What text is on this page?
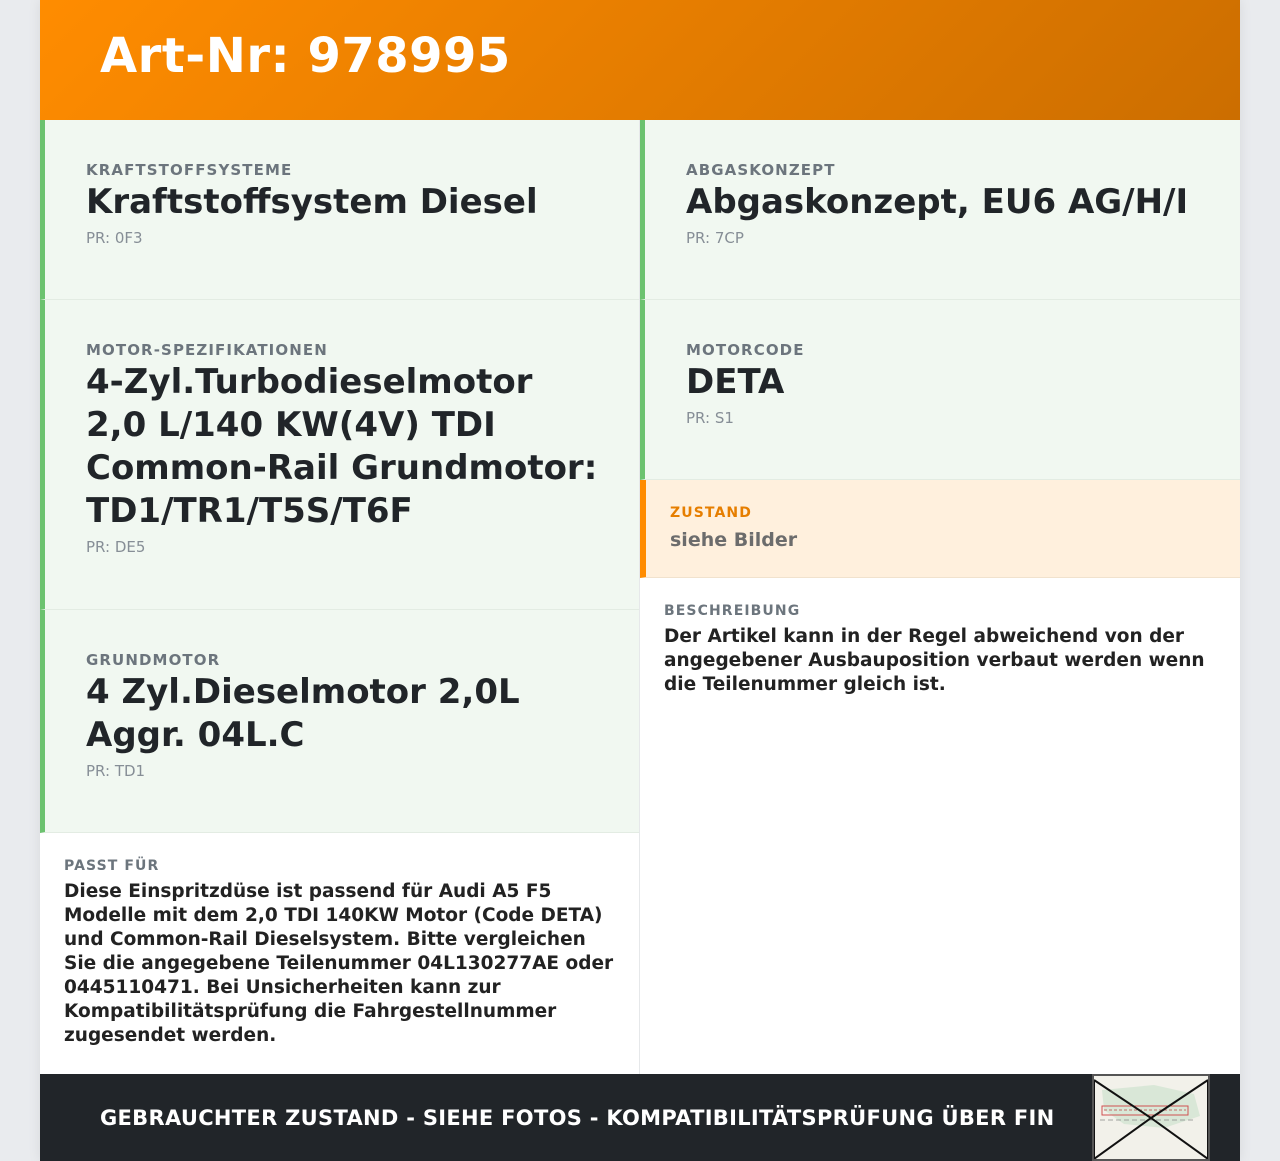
Art-Nr: 978995
KRAFTSTOFFSYSTEME
Kraftstoffsystem Diesel
PR: 0F3
MOTOR-SPEZIFIKATIONEN
4-Zyl.Turbodieselmotor 2,0 L/140 KW(4V) TDI Common-Rail Grundmotor: TD1/TR1/T5S/T6F
PR: DE5
GRUNDMOTOR
4 Zyl.Dieselmotor 2,0L Aggr. 04L.C
PR: TD1
PASST FÜR
Diese Einspritzdüse ist passend für Audi A5 F5 Modelle mit dem 2,0 TDI 140KW Motor (Code DETA) und Common-Rail Dieselsystem. Bitte vergleichen Sie die angegebene Teilenummer 04L130277AE oder 0445110471. Bei Unsicherheiten kann zur Kompatibilitätsprüfung die Fahrgestellnummer zugesendet werden.
ABGASKONZEPT
Abgaskonzept, EU6 AG/H/I
PR: 7CP
MOTORCODE
DETA
PR: S1
ZUSTAND
siehe Bilder
BESCHREIBUNG
Der Artikel kann in der Regel abweichend von der angegebener Ausbauposition verbaut werden wenn die Teilenummer gleich ist.
GEBRAUCHTER ZUSTAND - SIEHE FOTOS - KOMPATIBILITÄTSPRÜFUNG ÜBER FIN
